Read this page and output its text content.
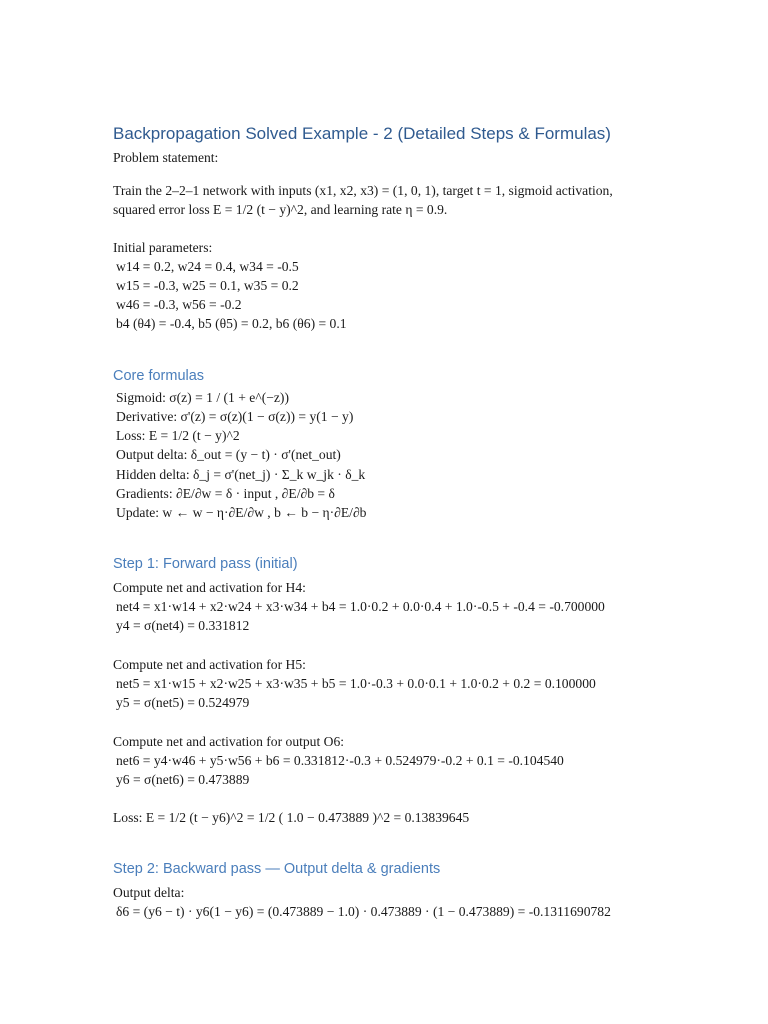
Backpropagation Solved Example - 2 (Detailed Steps & Formulas)
Problem statement:
Train the 2–2–1 network with inputs (x1, x2, x3) = (1, 0, 1), target t = 1, sigmoid activation,
squared error loss E = 1/2 (t − y)^2, and learning rate η = 0.9.
Initial parameters:
w14 = 0.2, w24 = 0.4, w34 = -0.5
w15 = -0.3, w25 = 0.1, w35 = 0.2
w46 = -0.3, w56 = -0.2
b4 (θ4) = -0.4, b5 (θ5) = 0.2, b6 (θ6) = 0.1
Core formulas
Sigmoid: σ(z) = 1 / (1 + e^(−z))
Derivative: σ'(z) = σ(z)(1 − σ(z)) = y(1 − y)
Loss: E = 1/2 (t − y)^2
Output delta: δ_out = (y − t) · σ'(net_out)
Hidden delta: δ_j = σ'(net_j) · Σ_k w_jk · δ_k
Gradients: ∂E/∂w = δ · input , ∂E/∂b = δ
Update: w ← w − η·∂E/∂w , b ← b − η·∂E/∂b
Step 1: Forward pass (initial)
Compute net and activation for H4:
net4 = x1·w14 + x2·w24 + x3·w34 + b4 = 1.0·0.2 + 0.0·0.4 + 1.0·-0.5 + -0.4 = -0.700000
y4 = σ(net4) = 0.331812
Compute net and activation for H5:
net5 = x1·w15 + x2·w25 + x3·w35 + b5 = 1.0·-0.3 + 0.0·0.1 + 1.0·0.2 + 0.2 = 0.100000
y5 = σ(net5) = 0.524979
Compute net and activation for output O6:
net6 = y4·w46 + y5·w56 + b6 = 0.331812·-0.3 + 0.524979·-0.2 + 0.1 = -0.104540
y6 = σ(net6) = 0.473889
Loss: E = 1/2 (t − y6)^2 = 1/2 ( 1.0 − 0.473889 )^2 = 0.13839645
Step 2: Backward pass — Output delta & gradients
Output delta:
δ6 = (y6 − t) · y6(1 − y6) = (0.473889 − 1.0) · 0.473889 · (1 − 0.473889) = -0.1311690782
